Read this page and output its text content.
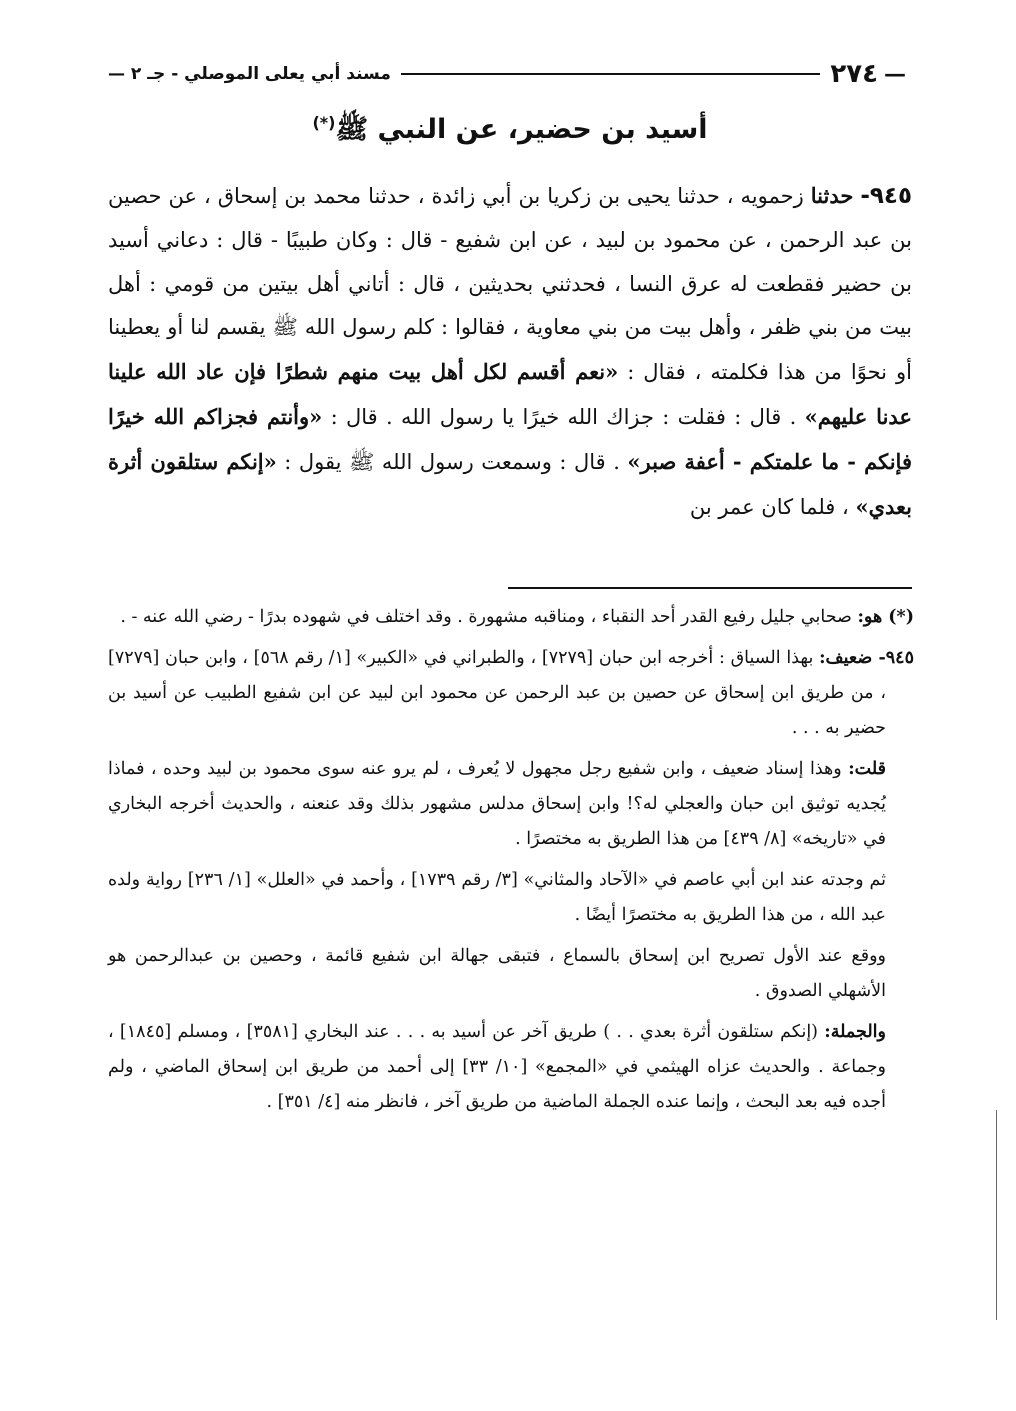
—
٢٧٤
مسند أبي يعلى الموصلي - جـ ٢ —
أسيد بن حضير، عن النبي ﷺ(*)
٩٤٥- حدثنا زحمويه ، حدثنا يحيى بن زكريا بن أبي زائدة ، حدثنا محمد بن إسحاق ، عن حصين بن عبد الرحمن ، عن محمود بن لبيد ، عن ابن شفيع - قال : وكان طبيبًا - قال : دعاني أسيد بن حضير فقطعت له عرق النسا ، فحدثني بحديثين ، قال : أتاني أهل بيتين من قومي : أهل بيت من بني ظفر ، وأهل بيت من بني معاوية ، فقالوا : كلم رسول الله ﷺ يقسم لنا أو يعطينا أو نحوًا من هذا فكلمته ، فقال : «نعم أقسم لكل أهل بيت منهم شطرًا فإن عاد الله علينا عدنا عليهم» . قال : فقلت : جزاك الله خيرًا يا رسول الله . قال : «وأنتم فجزاكم الله خيرًا فإنكم - ما علمتكم - أعفة صبر» . قال : وسمعت رسول الله ﷺ يقول : «إنكم ستلقون أثرة بعدي» ، فلما كان عمر بن

(*) هو: صحابي جليل رفيع القدر أحد النقباء ، ومناقبه مشهورة . وقد اختلف في شهوده بدرًا - رضي الله عنه - .

٩٤٥- ضعيف: بهذا السياق : أخرجه ابن حبان [٧٢٧٩] ، والطبراني في «الكبير» [١/ رقم ٥٦٨] ، وابن حبان [٧٢٧٩] ، من طريق ابن إسحاق عن حصين بن عبد الرحمن عن محمود ابن لبيد عن ابن شفيع الطبيب عن أسيد بن حضير به . . .

قلت: وهذا إسناد ضعيف ، وابن شفيع رجل مجهول لا يُعرف ، لم يرو عنه سوى محمود بن لبيد وحده ، فماذا يُجديه توثيق ابن حبان والعجلي له؟! وابن إسحاق مدلس مشهور بذلك وقد عنعنه ، والحديث أخرجه البخاري في «تاريخه» [٨/ ٤٣٩] من هذا الطريق به مختصرًا .

ثم وجدته عند ابن أبي عاصم في «الآحاد والمثاني» [٣/ رقم ١٧٣٩] ، وأحمد في «العلل» [١/ ٢٣٦] رواية ولده عبد الله ، من هذا الطريق به مختصرًا أيضًا .

ووقع عند الأول تصريح ابن إسحاق بالسماع ، فتبقى جهالة ابن شفيع قائمة ، وحصين بن عبدالرحمن هو الأشهلي الصدوق .

والجملة: (إنكم ستلقون أثرة بعدي . . ) طريق آخر عن أسيد به . . . عند البخاري [٣٥٨١] ، ومسلم [١٨٤٥] ، وجماعة . والحديث عزاه الهيثمي في «المجمع» [١٠/ ٣٣] إلى أحمد من طريق ابن إسحاق الماضي ، ولم أجده فيه بعد البحث ، وإنما عنده الجملة الماضية من طريق آخر ، فانظر منه [٤/ ٣٥١] .
